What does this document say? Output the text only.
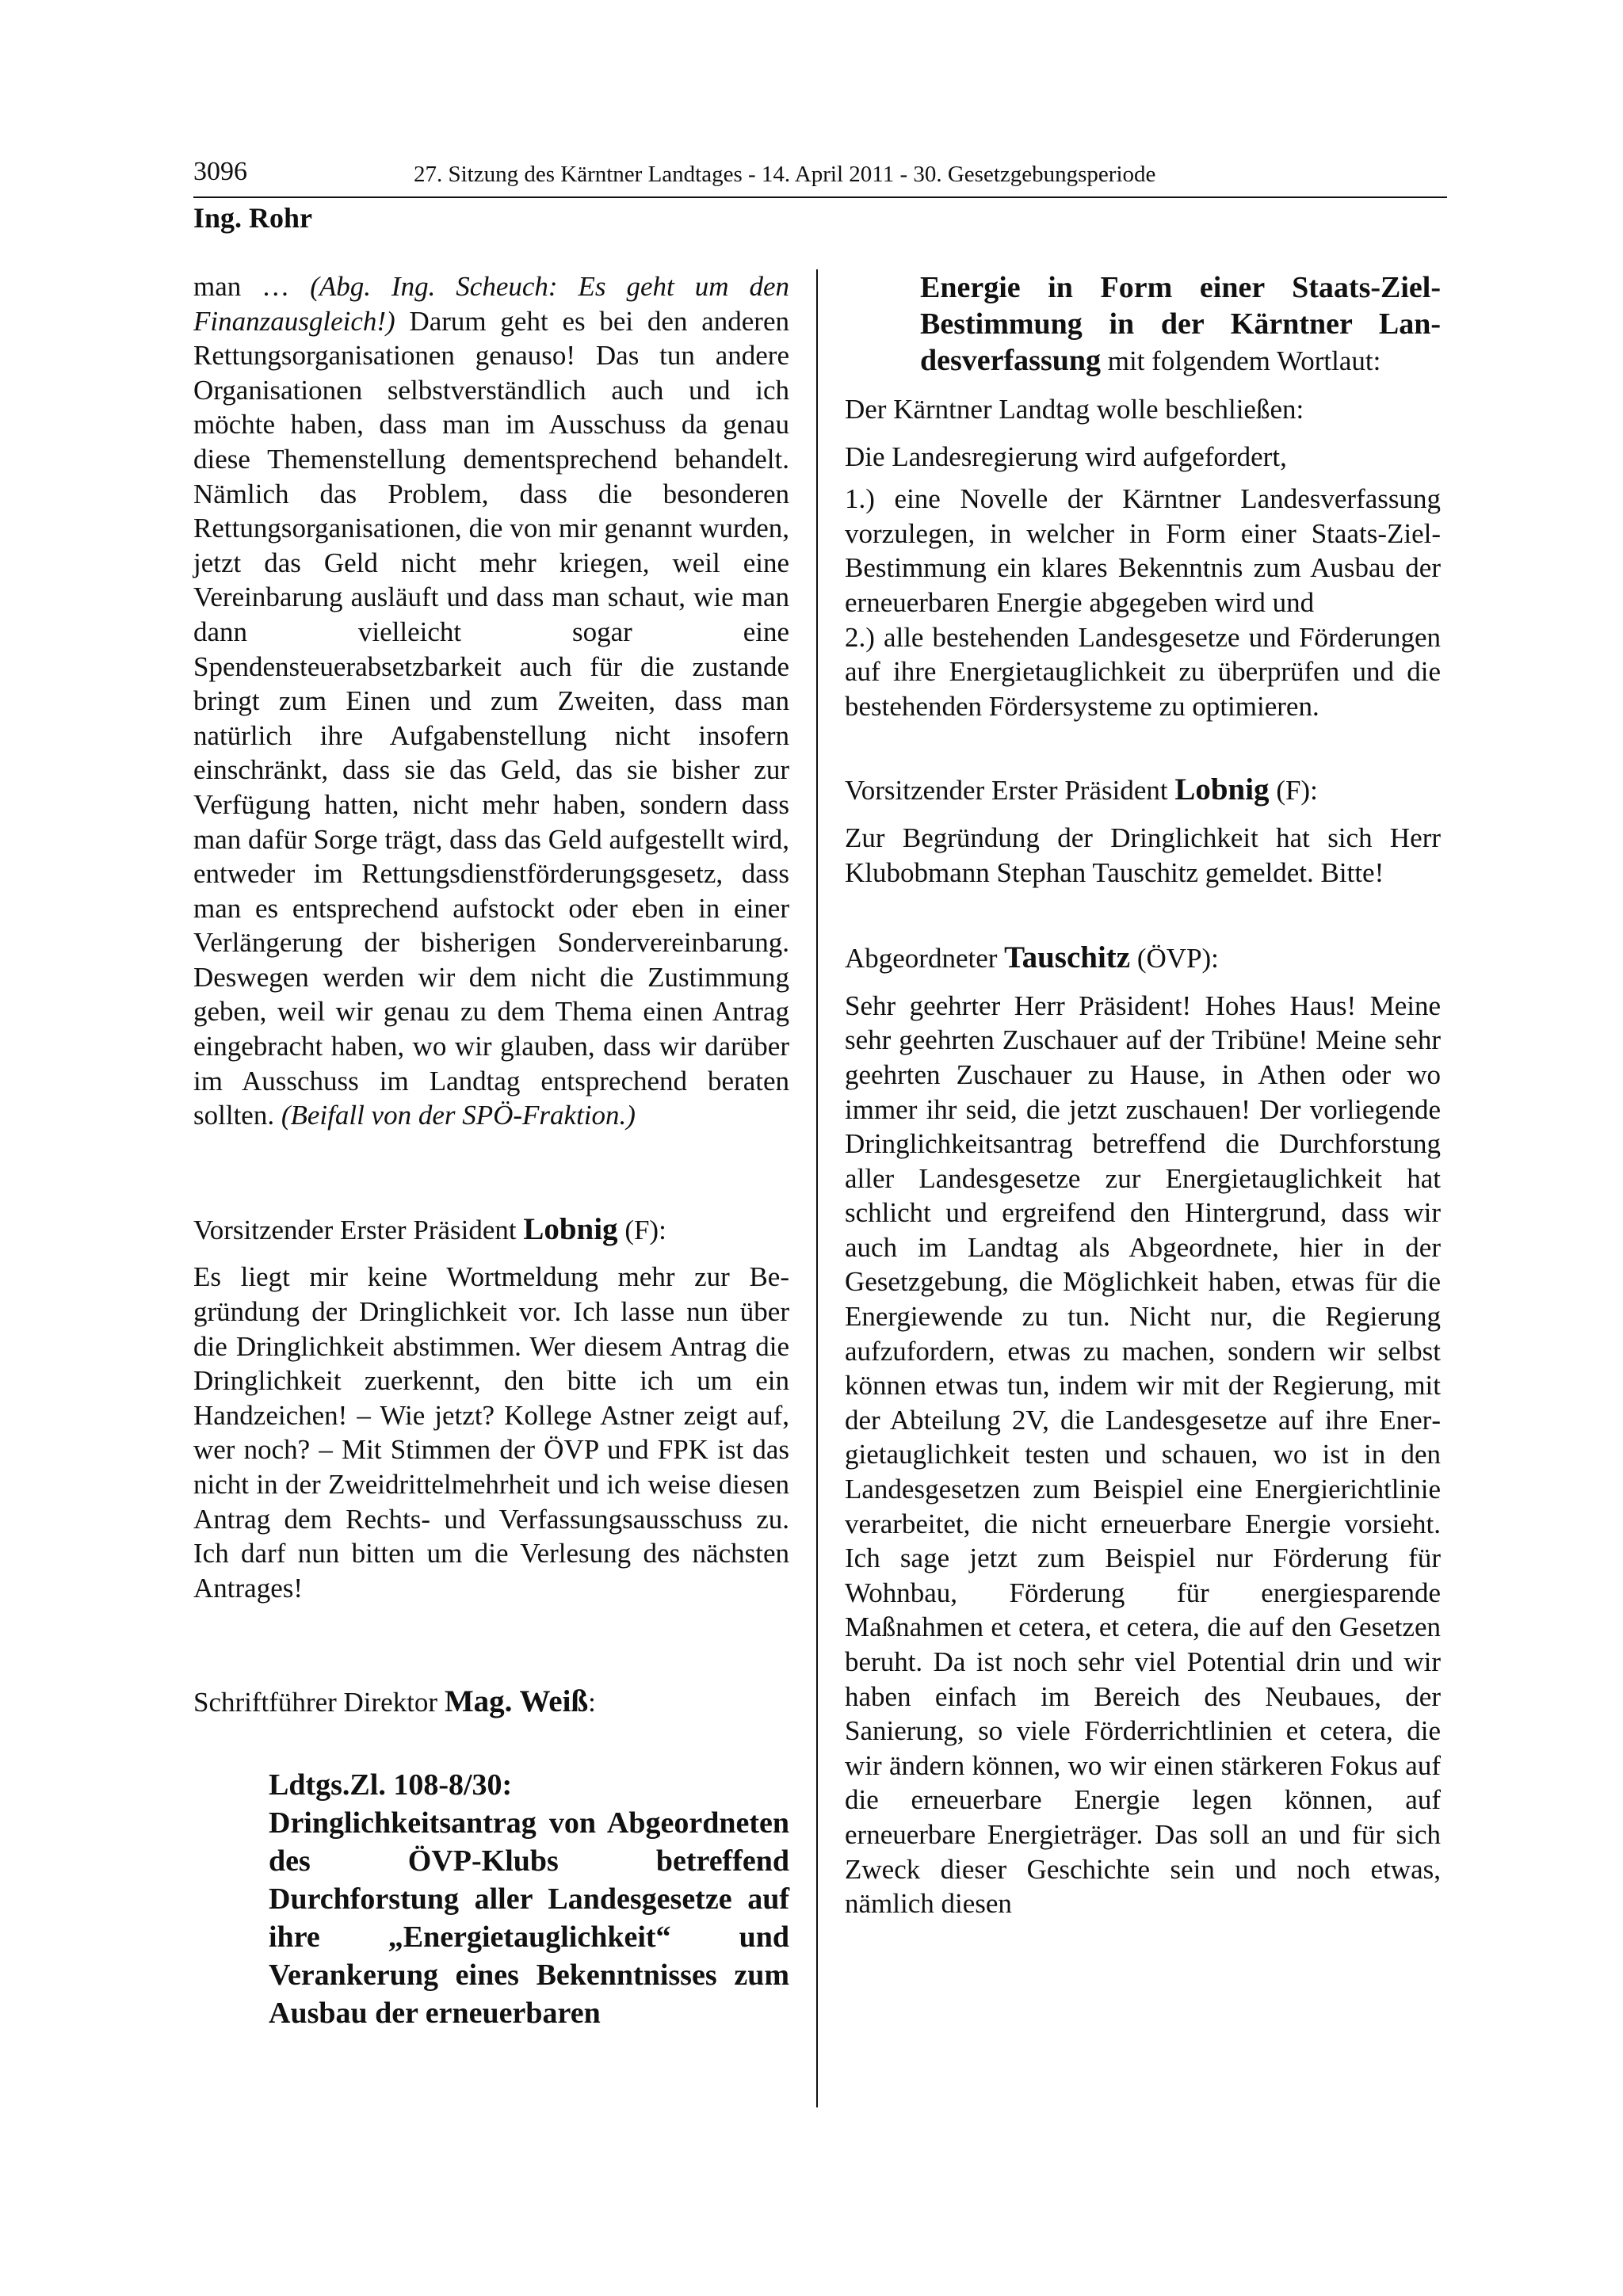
3096	27. Sitzung des Kärntner Landtages - 14. April 2011 - 30. Gesetzgebungsperiode
Ing. Rohr

man … (Abg. Ing. Scheuch: Es geht um den Finanzausgleich!) Darum geht es bei den anderen Rettungsorganisationen genauso! Das tun andere Organisationen selbstverständlich auch und ich möchte haben, dass man im Ausschuss da genau diese Themenstellung dementsprechend behandelt. Nämlich das Problem, dass die besonderen Rettungsorganisationen, die von mir genannt wurden, jetzt das Geld nicht mehr kriegen, weil eine Vereinbarung ausläuft und dass man schaut, wie man dann vielleicht sogar eine Spendensteuerabsetzbarkeit auch für die zustande bringt zum Einen und zum Zweiten, dass man natürlich ihre Aufgabenstellung nicht insofern einschränkt, dass sie das Geld, das sie bisher zur Verfügung hatten, nicht mehr haben, sondern dass man dafür Sorge trägt, dass das Geld aufgestellt wird, entweder im Rettungsdienstförderungsgesetz, dass man es entsprechend aufstockt oder eben in einer Verlängerung der bisherigen Sondervereinbarung. Deswegen werden wir dem nicht die Zustimmung geben, weil wir genau zu dem Thema einen Antrag eingebracht haben, wo wir glauben, dass wir darüber im Ausschuss im Landtag entsprechend beraten sollten. (Beifall von der SPÖ-Fraktion.)

Vorsitzender Erster Präsident Lobnig (F):

Es liegt mir keine Wortmeldung mehr zur Begründung der Dringlichkeit vor. Ich lasse nun über die Dringlichkeit abstimmen. Wer diesem Antrag die Dringlichkeit zuerkennt, den bitte ich um ein Handzeichen! – Wie jetzt? Kollege Astner zeigt auf, wer noch? – Mit Stimmen der ÖVP und FPK ist das nicht in der Zweidrittelmehrheit und ich weise diesen Antrag dem Rechts- und Verfassungsausschuss zu. Ich darf nun bitten um die Verlesung des nächsten Antrages!

Schriftführer Direktor Mag. Weiß:

Ldtgs.Zl. 108-8/30:
Dringlichkeitsantrag von Abgeordneten des ÖVP-Klubs betreffend Durchforstung aller Landesgesetze auf ihre „Energietauglichkeit“ und Verankerung eines Bekenntnisses zum Ausbau der erneuerbaren

Energie in Form einer Staats-Ziel-Bestimmung in der Kärntner Landesverfassung mit folgendem Wortlaut:

Der Kärntner Landtag wolle beschließen:

Die Landesregierung wird aufgefordert,

1.) eine Novelle der Kärntner Landesverfassung vorzulegen, in welcher in Form einer Staats-Ziel-Bestimmung ein klares Bekenntnis zum Ausbau der erneuerbaren Energie abgegeben wird und

2.) alle bestehenden Landesgesetze und Förderungen auf ihre Energietauglichkeit zu überprüfen und die bestehenden Fördersysteme zu optimieren.

Vorsitzender Erster Präsident Lobnig (F):

Zur Begründung der Dringlichkeit hat sich Herr Klubobmann Stephan Tauschitz gemeldet. Bitte!

Abgeordneter Tauschitz (ÖVP):

Sehr geehrter Herr Präsident! Hohes Haus! Meine sehr geehrten Zuschauer auf der Tribüne! Meine sehr geehrten Zuschauer zu Hause, in Athen oder wo immer ihr seid, die jetzt zuschauen! Der vorliegende Dringlichkeitsantrag betreffend die Durchforstung aller Landesgesetze zur Energietauglichkeit hat schlicht und ergreifend den Hintergrund, dass wir auch im Landtag als Abgeordnete, hier in der Gesetzgebung, die Möglichkeit haben, etwas für die Energiewende zu tun. Nicht nur, die Regierung aufzufordern, etwas zu machen, sondern wir selbst können etwas tun, indem wir mit der Regierung, mit der Abteilung 2V, die Landesgesetze auf ihre Energietauglichkeit testen und schauen, wo ist in den Landesgesetzen zum Beispiel eine Energierichtlinie verarbeitet, die nicht erneuerbare Energie vorsieht. Ich sage jetzt zum Beispiel nur Förderung für Wohnbau, Förderung für energiesparende Maßnahmen et cetera, et cetera, die auf den Gesetzen beruht. Da ist noch sehr viel Potential drin und wir haben einfach im Bereich des Neubaues, der Sanierung, so viele Förderrichtlinien et cetera, die wir ändern können, wo wir einen stärkeren Fokus auf die erneuerbare Energie legen können, auf erneuerbare Energieträger. Das soll an und für sich Zweck dieser Geschichte sein und noch etwas, nämlich diesen
